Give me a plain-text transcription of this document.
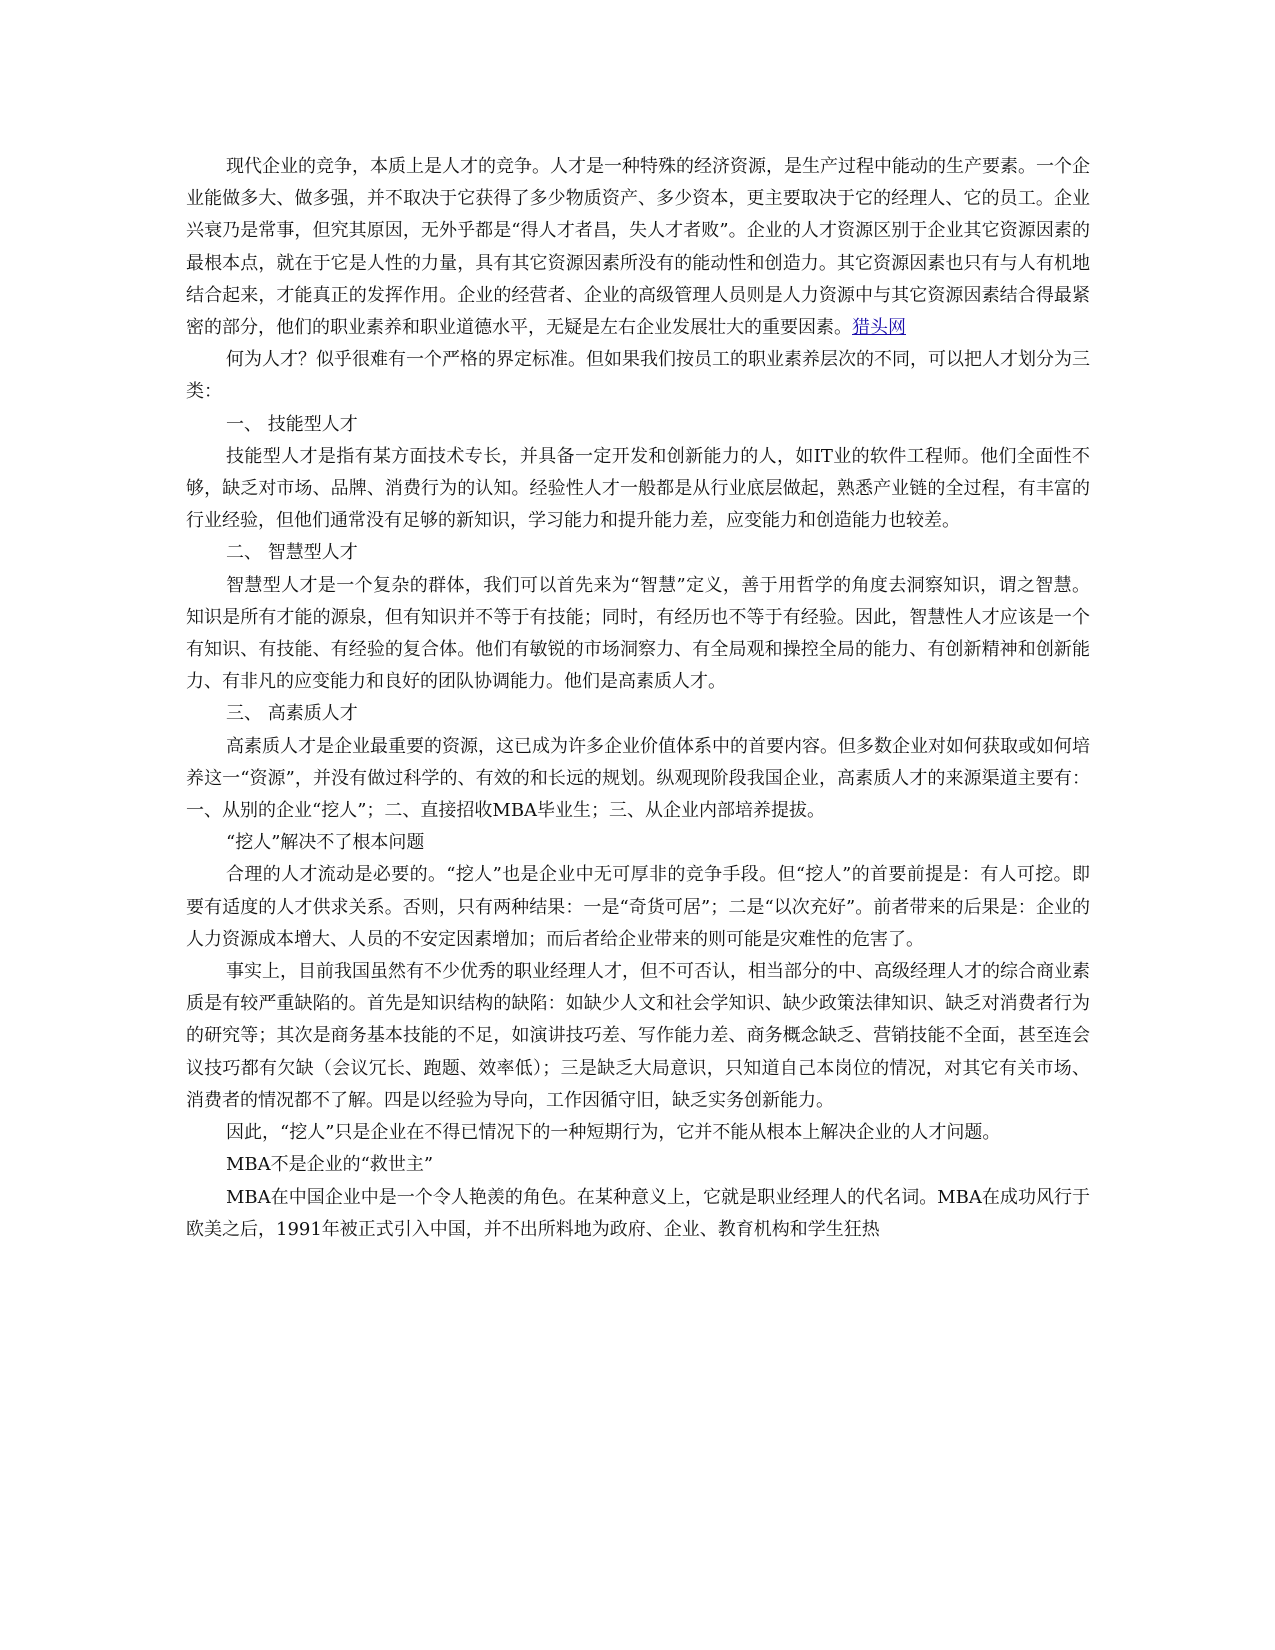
现代企业的竞争，本质上是人才的竞争。人才是一种特殊的经济资源，是生产过程中能动的生产要素。一个企业能做多大、做多强，并不取决于它获得了多少物质资产、多少资本，更主要取决于它的经理人、它的员工。企业兴衰乃是常事，但究其原因，无外乎都是“得人才者昌，失人才者败”。企业的人才资源区别于企业其它资源因素的最根本点，就在于它是人性的力量，具有其它资源因素所没有的能动性和创造力。其它资源因素也只有与人有机地结合起来，才能真正的发挥作用。企业的经营者、企业的高级管理人员则是人力资源中与其它资源因素结合得最紧密的部分，他们的职业素养和职业道德水平，无疑是左右企业发展壮大的重要因素。猎头网

何为人才？似乎很难有一个严格的界定标准。但如果我们按员工的职业素养层次的不同，可以把人才划分为三类：

一、 技能型人才

技能型人才是指有某方面技术专长，并具备一定开发和创新能力的人，如IT业的软件工程师。他们全面性不够，缺乏对市场、品牌、消费行为的认知。经验性人才一般都是从行业底层做起，熟悉产业链的全过程，有丰富的行业经验，但他们通常没有足够的新知识，学习能力和提升能力差，应变能力和创造能力也较差。

二、 智慧型人才

智慧型人才是一个复杂的群体，我们可以首先来为“智慧”定义，善于用哲学的角度去洞察知识，谓之智慧。知识是所有才能的源泉，但有知识并不等于有技能；同时，有经历也不等于有经验。因此，智慧性人才应该是一个有知识、有技能、有经验的复合体。他们有敏锐的市场洞察力、有全局观和操控全局的能力、有创新精神和创新能力、有非凡的应变能力和良好的团队协调能力。他们是高素质人才。

三、 高素质人才

高素质人才是企业最重要的资源，这已成为许多企业价值体系中的首要内容。但多数企业对如何获取或如何培养这一“资源”，并没有做过科学的、有效的和长远的规划。纵观现阶段我国企业，高素质人才的来源渠道主要有：一、从别的企业“挖人”；二、直接招收MBA毕业生；三、从企业内部培养提拔。

“挖人”解决不了根本问题

合理的人才流动是必要的。“挖人”也是企业中无可厚非的竞争手段。但“挖人”的首要前提是：有人可挖。即要有适度的人才供求关系。否则，只有两种结果：一是“奇货可居”；二是“以次充好”。前者带来的后果是：企业的人力资源成本增大、人员的不安定因素增加；而后者给企业带来的则可能是灾难性的危害了。

事实上，目前我国虽然有不少优秀的职业经理人才，但不可否认，相当部分的中、高级经理人才的综合商业素质是有较严重缺陷的。首先是知识结构的缺陷：如缺少人文和社会学知识、缺少政策法律知识、缺乏对消费者行为的研究等；其次是商务基本技能的不足，如演讲技巧差、写作能力差、商务概念缺乏、营销技能不全面，甚至连会议技巧都有欠缺（会议冗长、跑题、效率低）；三是缺乏大局意识，只知道自己本岗位的情况，对其它有关市场、消费者的情况都不了解。四是以经验为导向，工作因循守旧，缺乏实务创新能力。

因此，“挖人”只是企业在不得已情况下的一种短期行为，它并不能从根本上解决企业的人才问题。

MBA不是企业的“救世主”

MBA在中国企业中是一个令人艳羡的角色。在某种意义上，它就是职业经理人的代名词。MBA在成功风行于欧美之后，1991年被正式引入中国，并不出所料地为政府、企业、教育机构和学生狂热
